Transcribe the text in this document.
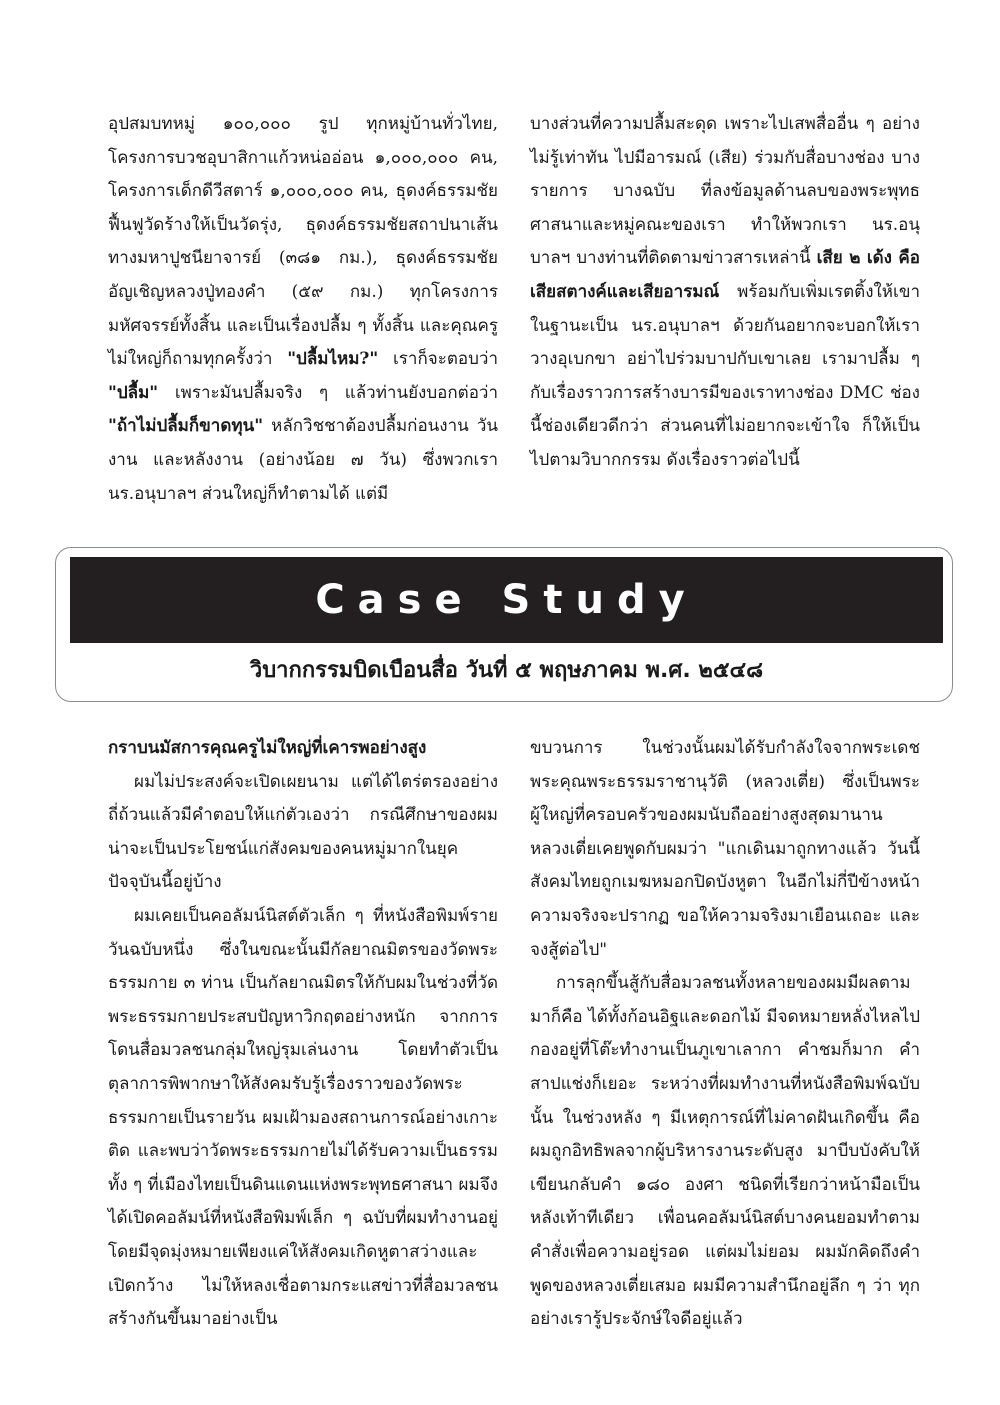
อุปสมบทหมู่ ๑๐๐,๐๐๐ รูป ทุกหมู่บ้านทั่วไทย, โครงการบวชอุบาสิกาแก้วหน่ออ่อน ๑,๐๐๐,๐๐๐ คน, โครงการเด็กดีวีสตาร์ ๑,๐๐๐,๐๐๐ คน, ธุดงค์ธรรมชัยฟื้นฟูวัดร้างให้เป็นวัดรุ่ง, ธุดงค์ธรรมชัยสถาปนาเส้นทางมหาปูชนียาจารย์ (๓๘๑ กม.), ธุดงค์ธรรมชัยอัญเชิญหลวงปู่ทองคำ (๕๙ กม.) ทุกโครงการมหัศจรรย์ทั้งสิ้น และเป็นเรื่องปลื้ม ๆ ทั้งสิ้น และคุณครูไม่ใหญ่ก็ถามทุกครั้งว่า "ปลื้มไหม?" เราก็จะตอบว่า "ปลื้ม" เพราะมันปลื้มจริง ๆ แล้วท่านยังบอกต่อว่า "ถ้าไม่ปลื้มก็ขาดทุน" หลักวิชชาต้องปลื้มก่อนงาน วันงาน และหลังงาน (อย่างน้อย ๗ วัน) ซึ่งพวกเรา นร.อนุบาลฯ ส่วนใหญ่ก็ทำตามได้ แต่มี

บางส่วนที่ความปลื้มสะดุด เพราะไปเสพสื่ออื่น ๆ อย่างไม่รู้เท่าทัน ไปมีอารมณ์ (เสีย) ร่วมกับสื่อบางช่อง บางรายการ บางฉบับ ที่ลงข้อมูลด้านลบของพระพุทธศาสนาและหมู่คณะของเรา ทำให้พวกเรา นร.อนุบาลฯ บางท่านที่ติดตามข่าวสารเหล่านี้ เสีย ๒ เด้ง คือ เสียสตางค์และเสียอารมณ์ พร้อมกับเพิ่มเรตติ้งให้เขา ในฐานะเป็น นร.อนุบาลฯ ด้วยกันอยากจะบอกให้เราวางอุเบกขา อย่าไปร่วมบาปกับเขาเลย เรามาปลื้ม ๆ กับเรื่องราวการสร้างบารมีของเราทางช่อง DMC ช่องนี้ช่องเดียวดีกว่า ส่วนคนที่ไม่อยากจะเข้าใจ ก็ให้เป็นไปตามวิบากกรรม ดังเรื่องราวต่อไปนี้

Case Study
วิบากกรรมบิดเบือนสื่อ วันที่ ๕ พฤษภาคม พ.ศ. ๒๕๔๘

กราบนมัสการคุณครูไม่ใหญ่ที่เคารพอย่างสูง

ผมไม่ประสงค์จะเปิดเผยนาม แต่ได้ไตร่ตรองอย่างถี่ถ้วนแล้วมีคำตอบให้แก่ตัวเองว่า กรณีศึกษาของผมน่าจะเป็นประโยชน์แก่สังคมของคนหมู่มากในยุคปัจจุบันนี้อยู่บ้าง

ผมเคยเป็นคอลัมน์นิสต์ตัวเล็ก ๆ ที่หนังสือพิมพ์รายวันฉบับหนึ่ง ซึ่งในขณะนั้นมีกัลยาณมิตรของวัดพระธรรมกาย ๓ ท่าน เป็นกัลยาณมิตรให้กับผมในช่วงที่วัดพระธรรมกายประสบปัญหาวิกฤตอย่างหนัก จากการโดนสื่อมวลชนกลุ่มใหญ่รุมเล่นงาน โดยทำตัวเป็นตุลาการพิพากษาให้สังคมรับรู้เรื่องราวของวัดพระธรรมกายเป็นรายวัน ผมเฝ้ามองสถานการณ์อย่างเกาะติด และพบว่าวัดพระธรรมกายไม่ได้รับความเป็นธรรม ทั้ง ๆ ที่เมืองไทยเป็นดินแดนแห่งพระพุทธศาสนา ผมจึงได้เปิดคอลัมน์ที่หนังสือพิมพ์เล็ก ๆ ฉบับที่ผมทำงานอยู่ โดยมีจุดมุ่งหมายเพียงแค่ให้สังคมเกิดหูตาสว่างและเปิดกว้าง ไม่ให้หลงเชื่อตามกระแสข่าวที่สื่อมวลชนสร้างกันขึ้นมาอย่างเป็น

ขบวนการ ในช่วงนั้นผมได้รับกำลังใจจากพระเดชพระคุณพระธรรมราชานุวัติ (หลวงเตี่ย) ซึ่งเป็นพระผู้ใหญ่ที่ครอบครัวของผมนับถืออย่างสูงสุดมานาน หลวงเตี่ยเคยพูดกับผมว่า "แกเดินมาถูกทางแล้ว วันนี้สังคมไทยถูกเมฆหมอกปิดบังหูตา ในอีกไม่กี่ปีข้างหน้าความจริงจะปรากฏ ขอให้ความจริงมาเยือนเถอะ และจงสู้ต่อไป"

การลุกขึ้นสู้กับสื่อมวลชนทั้งหลายของผมมีผลตามมาก็คือ ได้ทั้งก้อนอิฐและดอกไม้ มีจดหมายหลั่งไหลไปกองอยู่ที่โต๊ะทำงานเป็นภูเขาเลากา คำชมก็มาก คำสาปแช่งก็เยอะ ระหว่างที่ผมทำงานที่หนังสือพิมพ์ฉบับนั้น ในช่วงหลัง ๆ มีเหตุการณ์ที่ไม่คาดฝันเกิดขึ้น คือ ผมถูกอิทธิพลจากผู้บริหารงานระดับสูง มาบีบบังคับให้เขียนกลับคำ ๑๘๐ องศา ชนิดที่เรียกว่าหน้ามือเป็นหลังเท้าทีเดียว เพื่อนคอลัมน์นิสต์บางคนยอมทำตามคำสั่งเพื่อความอยู่รอด แต่ผมไม่ยอม ผมมักคิดถึงคำพูดของหลวงเตี่ยเสมอ ผมมีความสำนึกอยู่ลึก ๆ ว่า ทุกอย่างเรารู้ประจักษ์ใจดีอยู่แล้ว
